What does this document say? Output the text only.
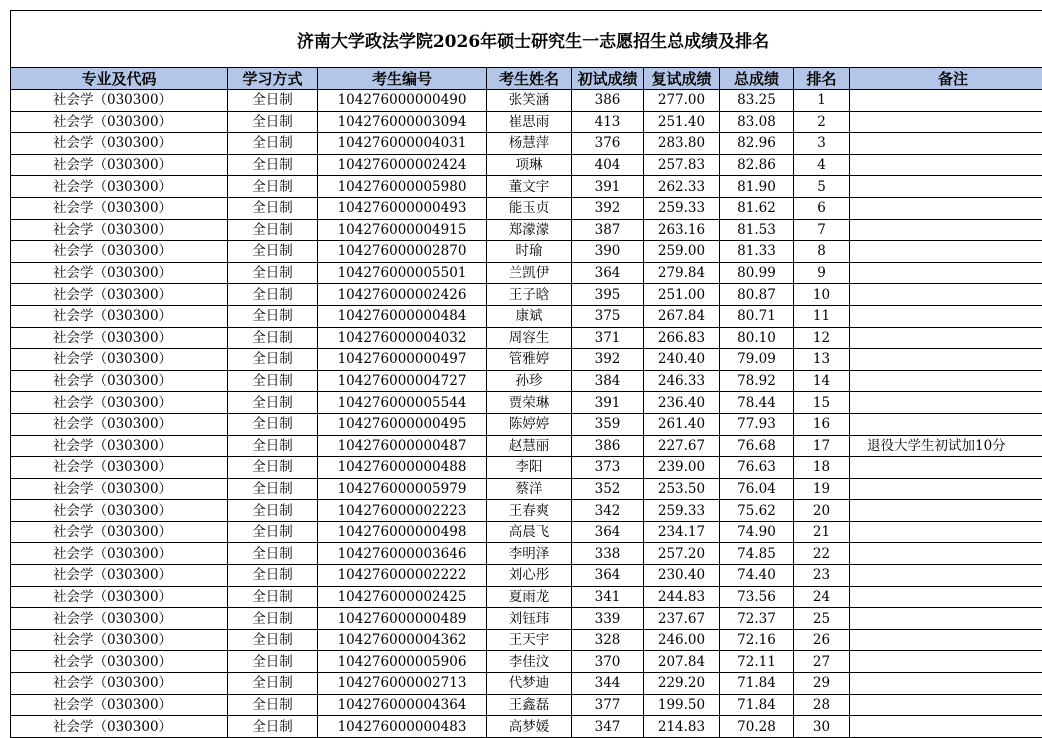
济南大学政法学院2026年硕士研究生一志愿招生总成绩及排名
专业及代码	学习方式	考生编号	考生姓名	初试成绩	复试成绩	总成绩	排名	备注
社会学（030300）	全日制	104276000000490	张笑涵	386	277.00	83.25	1	
社会学（030300）	全日制	104276000003094	崔思雨	413	251.40	83.08	2	
社会学（030300）	全日制	104276000004031	杨慧萍	376	283.80	82.96	3	
社会学（030300）	全日制	104276000002424	项琳	404	257.83	82.86	4	
社会学（030300）	全日制	104276000005980	董文宇	391	262.33	81.90	5	
社会学（030300）	全日制	104276000000493	能玉贞	392	259.33	81.62	6	
社会学（030300）	全日制	104276000004915	郑濛濛	387	263.16	81.53	7	
社会学（030300）	全日制	104276000002870	时瑜	390	259.00	81.33	8	
社会学（030300）	全日制	104276000005501	兰凯伊	364	279.84	80.99	9	
社会学（030300）	全日制	104276000002426	王子晗	395	251.00	80.87	10	
社会学（030300）	全日制	104276000000484	康斌	375	267.84	80.71	11	
社会学（030300）	全日制	104276000004032	周容生	371	266.83	80.10	12	
社会学（030300）	全日制	104276000000497	管雅婷	392	240.40	79.09	13	
社会学（030300）	全日制	104276000004727	孙珍	384	246.33	78.92	14	
社会学（030300）	全日制	104276000005544	贾荣琳	391	236.40	78.44	15	
社会学（030300）	全日制	104276000000495	陈婷婷	359	261.40	77.93	16	
社会学（030300）	全日制	104276000000487	赵慧丽	386	227.67	76.68	17	退役大学生初试加10分
社会学（030300）	全日制	104276000000488	李阳	373	239.00	76.63	18	
社会学（030300）	全日制	104276000005979	蔡洋	352	253.50	76.04	19	
社会学（030300）	全日制	104276000002223	王春爽	342	259.33	75.62	20	
社会学（030300）	全日制	104276000000498	高晨飞	364	234.17	74.90	21	
社会学（030300）	全日制	104276000003646	李明泽	338	257.20	74.85	22	
社会学（030300）	全日制	104276000002222	刘心彤	364	230.40	74.40	23	
社会学（030300）	全日制	104276000002425	夏雨龙	341	244.83	73.56	24	
社会学（030300）	全日制	104276000000489	刘钰玮	339	237.67	72.37	25	
社会学（030300）	全日制	104276000004362	王天宇	328	246.00	72.16	26	
社会学（030300）	全日制	104276000005906	李佳汶	370	207.84	72.11	27	
社会学（030300）	全日制	104276000002713	代梦迪	344	229.20	71.84	29	
社会学（030300）	全日制	104276000004364	王鑫磊	377	199.50	71.84	28	
社会学（030300）	全日制	104276000000483	高梦媛	347	214.83	70.28	30	
